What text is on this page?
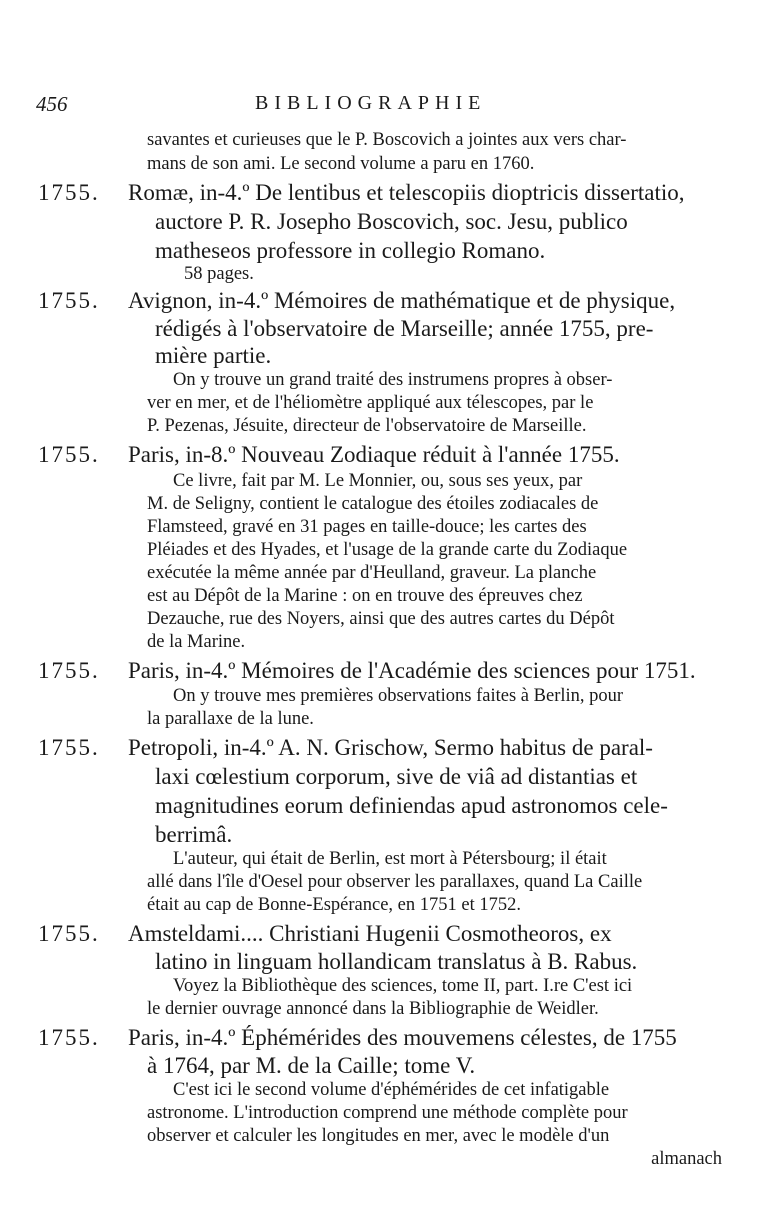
456	BIBLIOGRAPHIE
savantes et curieuses que le P. Boscovich a jointes aux vers char-
mans de son ami. Le second volume a paru en 1760.
1755. Romæ, in-4.º De lentibus et telescopiis dioptricis dissertatio,
auctore P. R. Josepho Boscovich, soc. Jesu, publico
matheseos professore in collegio Romano.
58 pages.
1755. Avignon, in-4.º Mémoires de mathématique et de physique,
rédigés à l'observatoire de Marseille; année 1755, pre-
mière partie.
On y trouve un grand traité des instrumens propres à obser-
ver en mer, et de l'héliomètre appliqué aux télescopes, par le
P. Pezenas, Jésuite, directeur de l'observatoire de Marseille.
1755. Paris, in-8.º Nouveau Zodiaque réduit à l'année 1755.
Ce livre, fait par M. Le Monnier, ou, sous ses yeux, par
M. de Seligny, contient le catalogue des étoiles zodiacales de
Flamsteed, gravé en 31 pages en taille-douce; les cartes des
Pléiades et des Hyades, et l'usage de la grande carte du Zodiaque
exécutée la même année par d'Heulland, graveur. La planche
est au Dépôt de la Marine : on en trouve des épreuves chez
Dezauche, rue des Noyers, ainsi que des autres cartes du Dépôt
de la Marine.
1755. Paris, in-4.º Mémoires de l'Académie des sciences pour 1751.
On y trouve mes premières observations faites à Berlin, pour
la parallaxe de la lune.
1755. Petropoli, in-4.º A. N. Grischow, Sermo habitus de paral-
laxi cœlestium corporum, sive de viâ ad distantias et
magnitudines eorum definiendas apud astronomos cele-
berrimâ.
L'auteur, qui était de Berlin, est mort à Pétersbourg; il était
allé dans l'île d'Oesel pour observer les parallaxes, quand La Caille
était au cap de Bonne-Espérance, en 1751 et 1752.
1755. Amsteldami.... Christiani Hugenii Cosmotheoros, ex
latino in linguam hollandicam translatus à B. Rabus.
Voyez la Bibliothèque des sciences, tome II, part. I.re C'est ici
le dernier ouvrage annoncé dans la Bibliographie de Weidler.
1755. Paris, in-4.º Éphémérides des mouvemens célestes, de 1755
à 1764, par M. de la Caille; tome V.
C'est ici le second volume d'éphémérides de cet infatigable
astronome. L'introduction comprend une méthode complète pour
observer et calculer les longitudes en mer, avec le modèle d'un
almanach
